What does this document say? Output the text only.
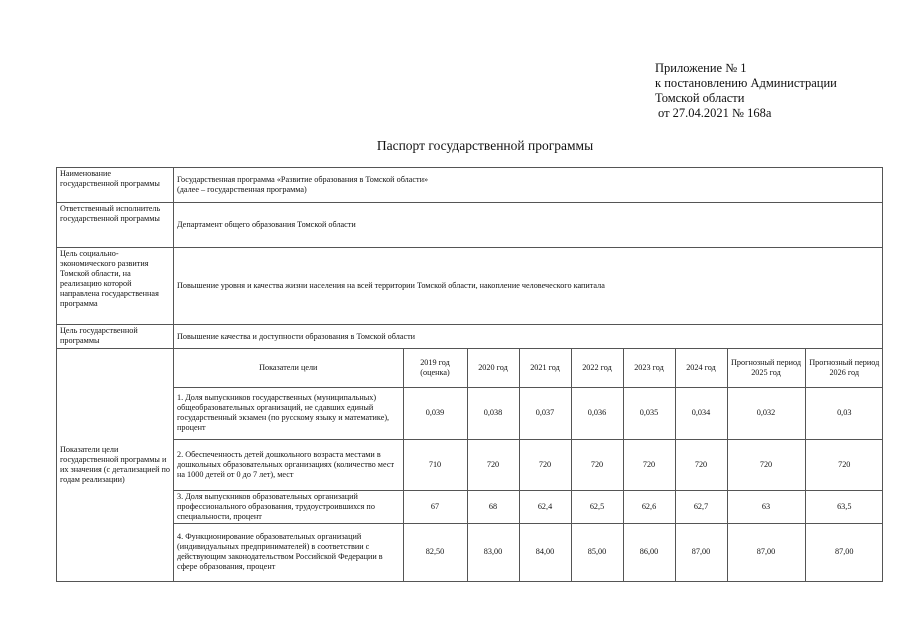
Приложение № 1
к постановлению Администрации
Томской области
от 27.04.2021 № 168а
Паспорт государственной программы
Наименование государственной программы	Государственная программа «Развитие образования в Томской области»
(далее – государственная программа)

Ответственный исполнитель государственной программы	Департамент общего образования Томской области
Цель социально-экономического развития Томской области, на реализацию которой направлена государственная программа	Повышение уровня и качества жизни населения на всей территории Томской области, накопление человеческого капитала
Цель государственной программы	Повышение качества и доступности образования в Томской области
Показатели цели государственной программы и их значения (с детализацией по годам реализации)	
Показатели цели	2019 год (оценка)	2020 год	2021 год	2022 год	2023 год	2024 год	Прогнозный период 2025 год	Прогнозный период 2026 год
1. Доля выпускников государственных (муниципальных) общеобразовательных организаций, не сдавших единый государственный экзамен (по русскому языку и математике), процент	0,039	0,038	0,037	0,036	0,035	0,034	0,032	0,03
2. Обеспеченность детей дошкольного возраста местами в дошкольных образовательных организациях (количество мест на 1000 детей от 0 до 7 лет), мест	710	720	720	720	720	720	720	720
3. Доля выпускников образовательных организаций профессионального образования, трудоустроившихся по специальности, процент	67	68	62,4	62,5	62,6	62,7	63	63,5
4. Функционирование образовательных организаций (индивидуальных предпринимателей) в соответствии с действующим законодательством Российской Федерации в сфере образования, процент	82,50	83,00	84,00	85,00	86,00	87,00	87,00	87,00
